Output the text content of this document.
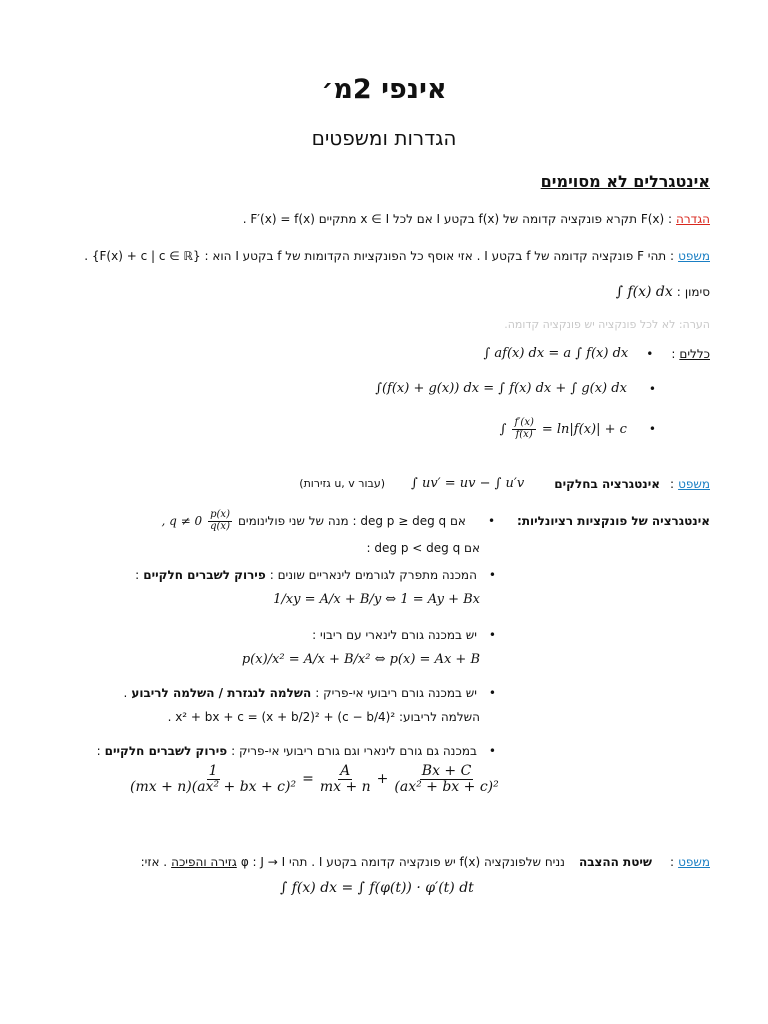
אינפי 2מ׳
הגדרות ומשפטים
אינטגרלים לא מסוימים
הגדרה
: F(x) תקרא פונקציה קדומה של f(x) בקטע I אם לכל x ∈ I מתקיים F′(x) = f(x) .
משפט
: תהי F פונקציה קדומה של f בקטע I . אזי אוסף כל הפונקציות הקדומות של f בקטע I הוא : {F(x) + c | c ∈ ℝ} .
סימון
:
∫ f(x) dx
הערה: לא לכל פונקציה יש פונקציה קדומה.
כללים
:
•
∫ af(x) dx = a ∫ f(x) dx
∫(f(x) + g(x)) dx = ∫ f(x) dx + ∫ g(x) dx •
∫ $\frac{f'(x)}{f(x)} = \ln|f(x)| + c$ •
משפט
:
אינטגרציה בחלקים
∫ uv′ = uv − ∫ u′v
(עבור u, v גזירות)
אינטגרציה של פונקציות רציונליות:
•
אם deg p ≥ deg q : מנה של שני פולינומים
$\frac{p(x)}{q(x)}$
, q ≠ 0
אם deg p < deg q :
•
המכנה מתפרק לגורמים לינאריים שונים :
פירוק לשברים חלקיים
:
1/xy = A/x + B/y ⇔ 1 = Ay + Bx
•
יש במכנה גורם לינארי עם ריבוי :
p(x)/x² = A/x + B/x² ⇔ p(x) = Ax + B
•
יש במכנה גורם ריבועי אי-פריק :
השלמה לנגזרת / השלמה לריבוע
.
השלמה לריבוע: x² + bx + c = (x + b/2)² + (c − b/4)² .
•
במכנה גם גורם לינארי וגם גורם ריבועי אי-פריק :
פירוק לשברים חלקיים
:
$\frac{1}{\text{(mx + n)(ax² + bx + c)²}} = \frac{A}{mx + n} + \frac{Bx + C}{\text{(ax² + bx + c)²}}$
משפט
:
שיטת ההצבה
נניח שלפונקציה f(x) יש פונקציה קדומה בקטע I . תהי φ : J → I
גזירה והפיכה
. אזי:
∫ f(x) dx = ∫ f(φ(t)) · φ′(t) dt
